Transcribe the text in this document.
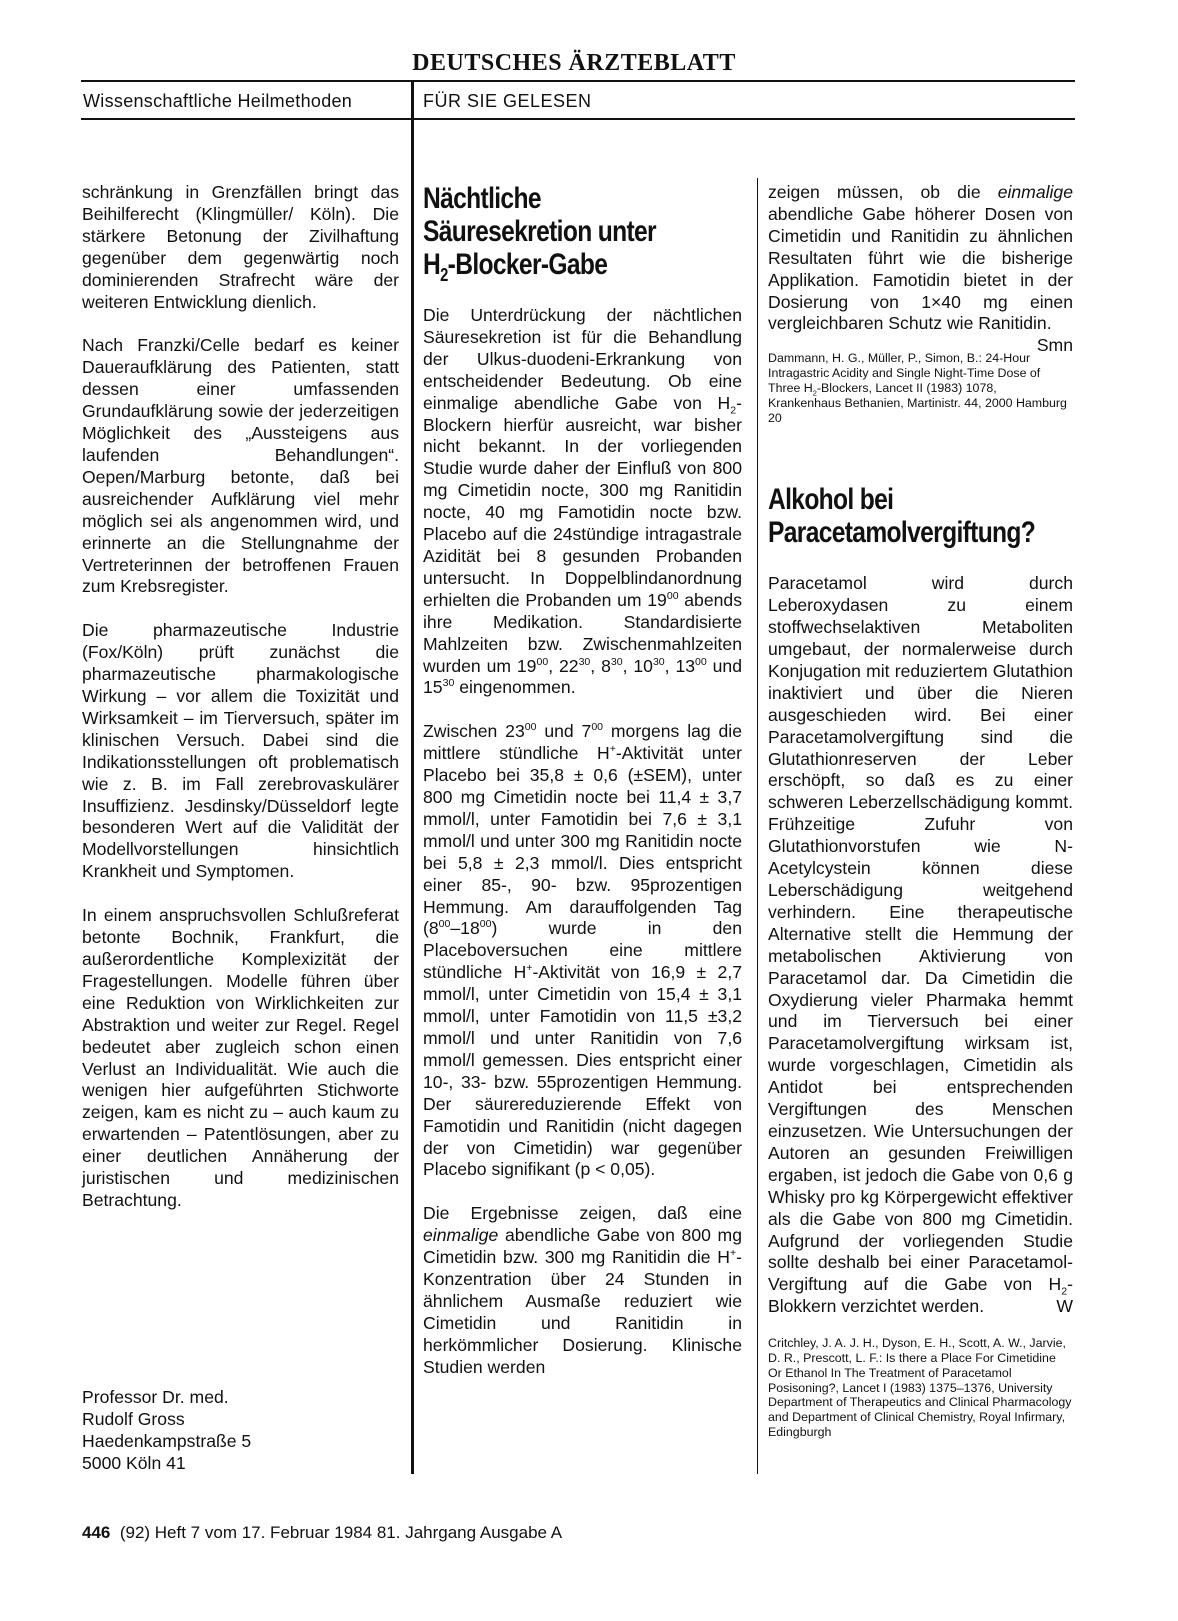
DEUTSCHES ÄRZTEBLATT
Wissenschaftliche Heilmethoden	FÜR SIE GELESEN

schränkung in Grenzfällen bringt das Beihilferecht (Klingmüller/ Köln). Die stärkere Betonung der Zivilhaftung gegenüber dem gegenwärtig noch dominierenden Strafrecht wäre der weiteren Entwicklung dienlich.

Nach Franzki/Celle bedarf es keiner Daueraufklärung des Patienten, statt dessen einer umfassenden Grundaufklärung sowie der jederzeitigen Möglichkeit des „Aussteigens aus laufenden Behandlungen“. Oepen/Marburg betonte, daß bei ausreichender Aufklärung viel mehr möglich sei als angenommen wird, und erinnerte an die Stellungnahme der Vertreterinnen der betroffenen Frauen zum Krebsregister.

Die pharmazeutische Industrie (Fox/Köln) prüft zunächst die pharmazeutische pharmakologische Wirkung – vor allem die Toxizität und Wirksamkeit – im Tierversuch, später im klinischen Versuch. Dabei sind die Indikationsstellungen oft problematisch wie z. B. im Fall zerebrovaskulärer Insuffizienz. Jesdinsky/Düsseldorf legte besonderen Wert auf die Validität der Modellvorstellungen hinsichtlich Krankheit und Symptomen.

In einem anspruchsvollen Schlußreferat betonte Bochnik, Frankfurt, die außerordentliche Komplexizität der Fragestellungen. Modelle führen über eine Reduktion von Wirklichkeiten zur Abstraktion und weiter zur Regel. Regel bedeutet aber zugleich schon einen Verlust an Individualität. Wie auch die wenigen hier aufgeführten Stichworte zeigen, kam es nicht zu – auch kaum zu erwartenden – Patentlösungen, aber zu einer deutlichen Annäherung der juristischen und medizinischen Betrachtung.

Professor Dr. med.
Rudolf Gross
Haedenkampstraße 5
5000 Köln 41
Nächtliche
Säuresekretion unter
$H_2-Blocker$-Gabe

Die Unterdrückung der nächtlichen Säuresekretion ist für die Behandlung der Ulkus-duodeni-Erkrankung von entscheidender Bedeutung. Ob eine einmalige abendliche Gabe von $H_2$-Blockern hierfür ausreicht, war bisher nicht bekannt. In der vorliegenden Studie wurde daher der Einfluß von 800 mg Cimetidin nocte, 300 mg Ranitidin nocte, 40 mg Famotidin nocte bzw. Placebo auf die 24stündige intragastrale Azidität bei 8 gesunden Probanden untersucht. In Doppelblindanordnung erhielten die Probanden um $19^{00}$ abends ihre Medikation. Standardisierte Mahlzeiten bzw. Zwischenmahlzeiten wurden um $19^{00}$, $22^{30}$, $8^{30}$, $10^{30}$, $13^{00}$ und $15^{30}$ eingenommen.

Zwischen $23^{00}$ und $7^{00}$ morgens lag die mittlere stündliche H+-Aktivität unter Placebo bei 35,8 ± 0,6 (±SEM), unter 800 mg Cimetidin nocte bei 11,4 ± 3,7 mmol/l, unter Famotidin bei 7,6 ± 3,1 mmol/l und unter 300 mg Ranitidin nocte bei 5,8 ± 2,3 mmol/l. Dies entspricht einer 85-, 90- bzw. 95prozentigen Hemmung. Am darauffolgenden Tag $(8^{00}-18^{00})$ wurde in den Placeboversuchen eine mittlere stündliche H+-Aktivität von 16,9 ± 2,7 mmol/l, unter Cimetidin von 15,4 ± 3,1 mmol/l, unter Famotidin von 11,5 ±3,2 mmol/l und unter Ranitidin von 7,6 mmol/l gemessen. Dies entspricht einer 10-, 33- bzw. 55prozentigen Hemmung. Der säurereduzierende Effekt von Famotidin und Ranitidin (nicht dagegen der von Cimetidin) war gegenüber Placebo signifikant (p < 0,05).

Die Ergebnisse zeigen, daß eine einmalige abendliche Gabe von 800 mg Cimetidin bzw. 300 mg Ranitidin die H+-Konzentration über 24 Stunden in ähnlichem Ausmaße reduziert wie Cimetidin und Ranitidin in herkömmlicher Dosierung. Klinische Studien werden

zeigen müssen, ob die einmalige abendliche Gabe höherer Dosen von Cimetidin und Ranitidin zu ähnlichen Resultaten führt wie die bisherige Applikation. Famotidin bietet in der Dosierung von 1×40 mg einen vergleichbaren Schutz wie Ranitidin.
Smn

Dammann, H. G., Müller, P., Simon, B.: 24-Hour Intragastric Acidity and Single Night-Time Dose of Three $H_2$-Blockers, Lancet II (1983) 1078, Krankenhaus Bethanien, Martinistr. 44, 2000 Hamburg 20

Alkohol bei
Paracetamolvergiftung?

Paracetamol wird durch Leberoxydasen zu einem stoffwechselaktiven Metaboliten umgebaut, der normalerweise durch Konjugation mit reduziertem Glutathion inaktiviert und über die Nieren ausgeschieden wird. Bei einer Paracetamolvergiftung sind die Glutathionreserven der Leber erschöpft, so daß es zu einer schweren Leberzellschädigung kommt. Frühzeitige Zufuhr von Glutathionvorstufen wie N-Acetylcystein können diese Leberschädigung weitgehend verhindern. Eine therapeutische Alternative stellt die Hemmung der metabolischen Aktivierung von Paracetamol dar. Da Cimetidin die Oxydierung vieler Pharmaka hemmt und im Tierversuch bei einer Paracetamolvergiftung wirksam ist, wurde vorgeschlagen, Cimetidin als Antidot bei entsprechenden Vergiftungen des Menschen einzusetzen. Wie Untersuchungen der Autoren an gesunden Freiwilligen ergaben, ist jedoch die Gabe von 0,6 g Whisky pro kg Körpergewicht effektiver als die Gabe von 800 mg Cimetidin. Aufgrund der vorliegenden Studie sollte deshalb bei einer Paracetamol-Vergiftung auf die Gabe von $H_2$-Blokkern verzichtet werden.	W

Critchley, J. A. J. H., Dyson, E. H., Scott, A. W., Jarvie, D. R., Prescott, L. F.: Is there a Place For Cimetidine Or Ethanol In The Treatment of Paracetamol Posisoning?, Lancet I (1983) 1375–1376, University Department of Therapeutics and Clinical Pharmacology and Department of Clinical Chemistry, Royal Infirmary, Edingburgh

446 (92) Heft 7 vom 17. Februar 1984 81. Jahrgang Ausgabe A
